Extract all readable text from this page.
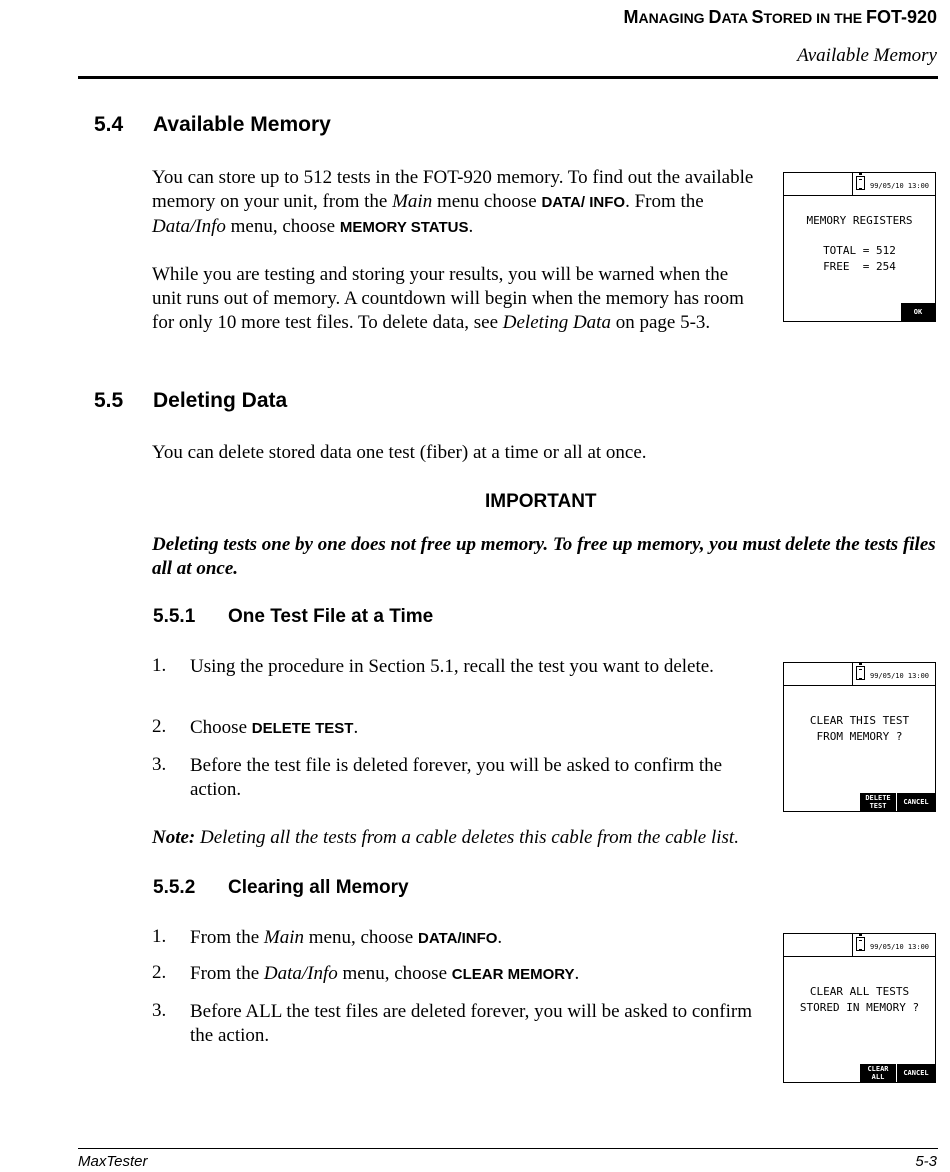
MANAGING DATA STORED IN THE FOT-920
Available Memory
5.4 Available Memory
You can store up to 512 tests in the FOT-920 memory. To find out the available memory on your unit, from the Main menu choose DATA/ INFO. From the Data/Info menu, choose MEMORY STATUS.
While you are testing and storing your results, you will be warned when the unit runs out of memory. A countdown will begin when the memory has room for only 10 more test files. To delete data, see Deleting Data on page 5-3.
99/05/10 13:00
MEMORY REGISTERS
TOTAL = 512
FREE  = 254
OK
5.5 Deleting Data
You can delete stored data one test (fiber) at a time or all at once.
IMPORTANT
Deleting tests one by one does not free up memory. To free up memory, you must delete the tests files all at once.
5.5.1 One Test File at a Time
1. Using the procedure in Section 5.1, recall the test you want to delete.
2. Choose DELETE TEST.
3. Before the test file is deleted forever, you will be asked to confirm the action.
99/05/10 13:00
CLEAR THIS TEST
FROM MEMORY ?
DELETE
TEST	CANCEL
Note: Deleting all the tests from a cable deletes this cable from the cable list.
5.5.2 Clearing all Memory
1. From the Main menu, choose DATA/INFO.
2. From the Data/Info menu, choose CLEAR MEMORY.
3. Before ALL the test files are deleted forever, you will be asked to confirm the action.
99/05/10 13:00
CLEAR ALL TESTS
STORED IN MEMORY ?
CLEAR
ALL	CANCEL
MaxTester	5-3
